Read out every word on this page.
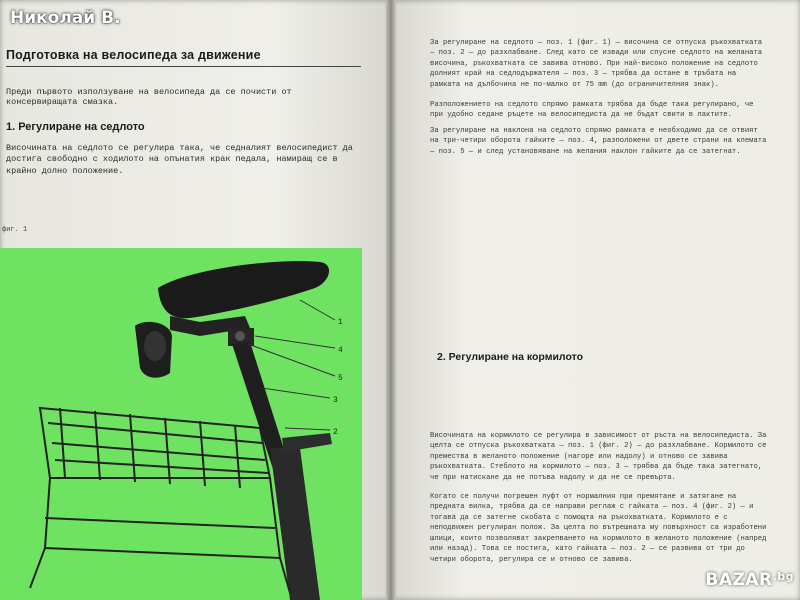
Николай В.
Подготовка на велосипеда за движение
Преди първото използуване на велосипеда да се почисти от консервиращата смазка.
1. Регулиране на седлото
Височината на седлото се регулира така, че седналият велосипедист да достига свободно с ходилото на опънатия крак педала, намиращ се в крайно долно положение.
фиг. 1
1
4
5
3
2
За регулиране на седлото — поз. 1 (фиг. 1) — височина се отпуска ръкохватката — поз. 2 — до разхлабване. След като се извади или спусне седлото на желаната височина, ръкохватката се завива отново. При най-високо положение на седлото долният край на седлодържателя — поз. 3 — трябва да остане в тръбата на рамката на дълбочина не по-малко от 75 mm (до ограничителния знак).
Разположението на седлото спрямо рамката трябва да бъде така регулирано, че при удобно седане ръцете на велосипедиста да не бъдат свити в лактите.
За регулиране на наклона на седлото спрямо рамката е необходимо да се отвият на три-четири оборота гайките — поз. 4, разположени от двете страни на клемата — поз. 5 — и след установяване на желания наклон гайките да се затегнат.
2. Регулиране на кормилото
Височината на кормилото се регулира в зависимост от ръста на велосипедиста. За целта се отпуска ръкохватката — поз. 1 (фиг. 2) — до разхлабване. Кормилото се премества в желаното положение (нагоре или надолу) и отново се завива ръкохватката. Стеблото на кормилото — поз. 3 — трябва да бъде така затегнато, че при натискане да не потъва надолу и да не се превърта.
Когато се получи погрешен луфт от нормалния при премятане и затягане на предната вилка, трябва да се направи реглаж с гайката — поз. 4 (фиг. 2) — и тогава да се затегне скобата с помощта на ръкохватката. Кормилото е с неподвижен регулиран полож. За целта по вътрешната му повърхност са изработени шлици, които позволяват закрепването на кормилото в желаното положение (напред или назад). Това се постига, като гайката — поз. 2 — се развива от три до четири оборота, регулира се и отново се завива.
$BAZAR^{.bg}$
